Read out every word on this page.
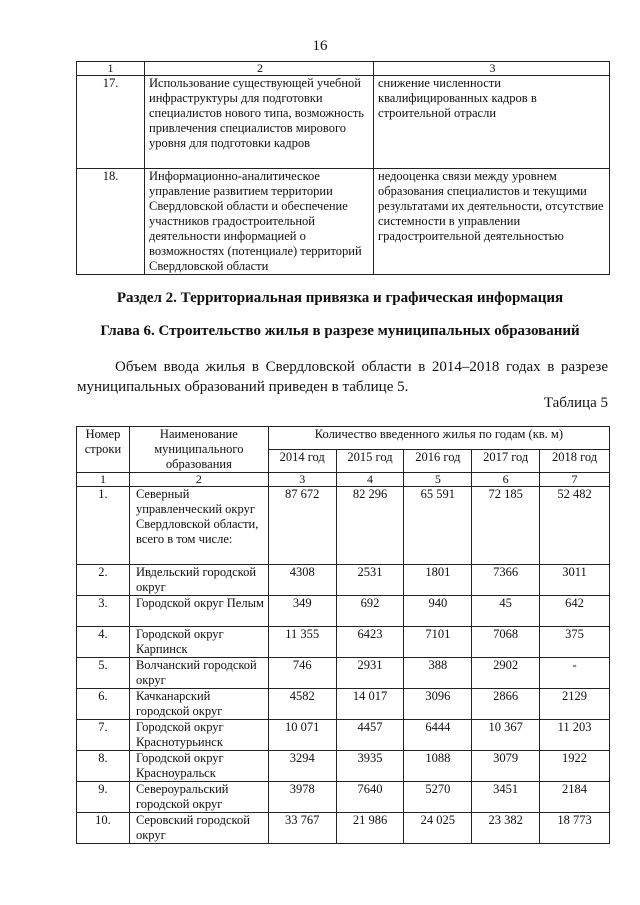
16
1	2	3
17.	Использование существующей учебной инфраструктуры для подготовки специалистов нового типа, возможность привлечения специалистов мирового уровня для подготовки кадров	снижение численности квалифицированных кадров в строительной отрасли
18.	Информационно-аналитическое управление развитием территории Свердловской области и обеспечение участников градостроительной деятельности информацией о возможностях (потенциале) территорий Свердловской области	недооценка связи между уровнем образования специалистов и текущими результатами их деятельности, отсутствие системности в управлении градостроительной деятельностью
Раздел 2. Территориальная привязка и графическая информация
Глава 6. Строительство жилья в разрезе муниципальных образований
Объем ввода жилья в Свердловской области в 2014–2018 годах в разрезе муниципальных образований приведен в таблице 5.
Таблица 5
Номер строки	Наименование муниципального образования	Количество введенного жилья по годам (кв. м)				
		2014 год	2015 год	2016 год	2017 год	2018 год
1	2	3	4	5	6	7
1.	Северный управленческий округ Свердловской области, всего в том числе:	87 672	82 296	65 591	72 185	52 482
2.	Ивдельский городской округ	4308	2531	1801	7366	3011
3.	Городской округ Пелым	349	692	940	45	642
4.	Городской округ Карпинск	11 355	6423	7101	7068	375
5.	Волчанский городской округ	746	2931	388	2902	-
6.	Качканарский городской округ	4582	14 017	3096	2866	2129
7.	Городской округ Краснотурьинск	10 071	4457	6444	10 367	11 203
8.	Городской округ Красноуральск	3294	3935	1088	3079	1922
9.	Североуральский городской округ	3978	7640	5270	3451	2184
10.	Серовский городской округ	33 767	21 986	24 025	23 382	18 773
